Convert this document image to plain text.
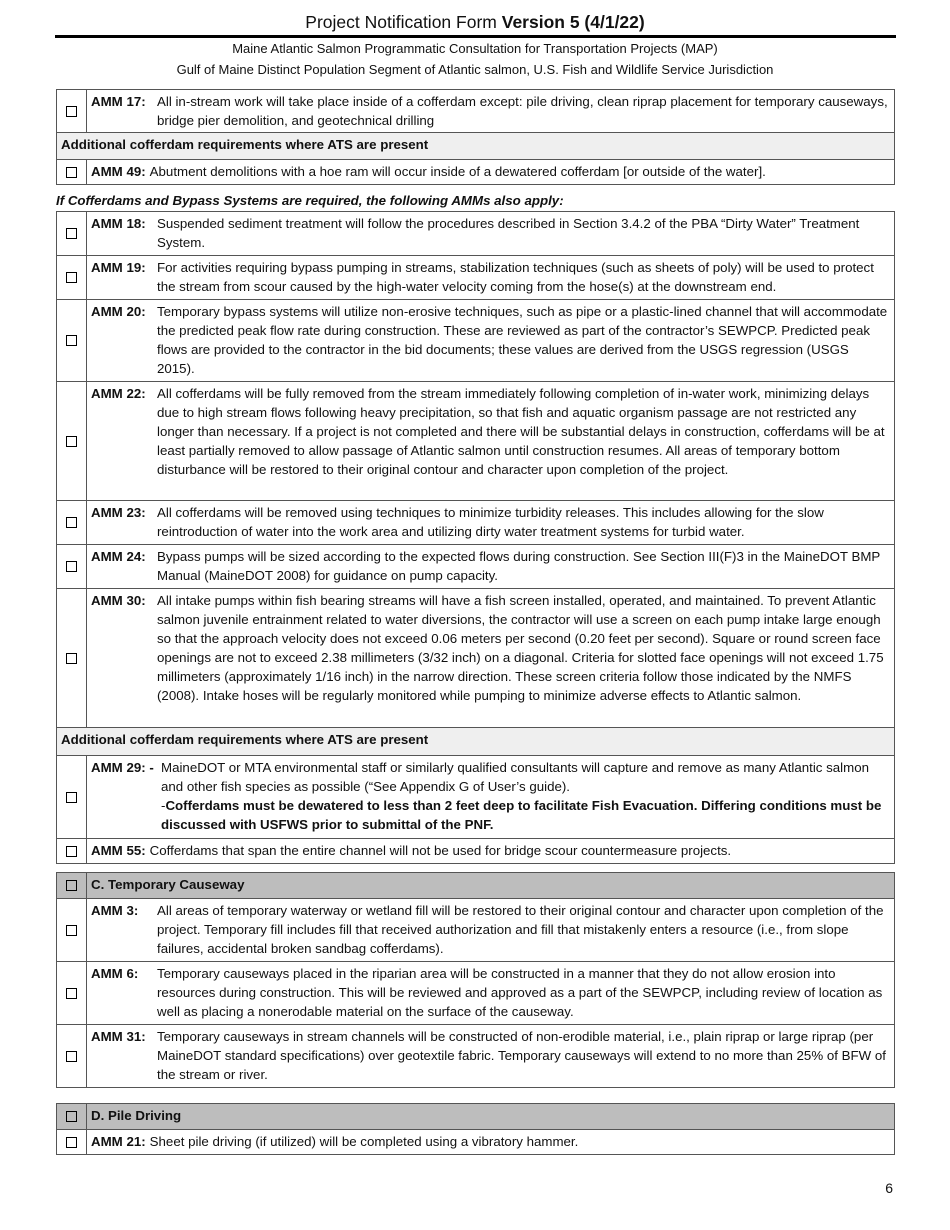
Project Notification Form Version 5 (4/1/22)
Maine Atlantic Salmon Programmatic Consultation for Transportation Projects (MAP)
Gulf of Maine Distinct Population Segment of Atlantic salmon, U.S. Fish and Wildlife Service Jurisdiction
AMM 17: All in-stream work will take place inside of a cofferdam except: pile driving, clean riprap placement for temporary causeways, bridge pier demolition, and geotechnical drilling
Additional cofferdam requirements where ATS are present
AMM 49: Abutment demolitions with a hoe ram will occur inside of a dewatered cofferdam [or outside of the water].
If Cofferdams and Bypass Systems are required, the following AMMs also apply:
AMM 18: Suspended sediment treatment will follow the procedures described in Section 3.4.2 of the PBA “Dirty Water” Treatment System.
AMM 19: For activities requiring bypass pumping in streams, stabilization techniques (such as sheets of poly) will be used to protect the stream from scour caused by the high-water velocity coming from the hose(s) at the downstream end.
AMM 20: Temporary bypass systems will utilize non-erosive techniques, such as pipe or a plastic-lined channel that will accommodate the predicted peak flow rate during construction. These are reviewed as part of the contractor’s SEWPCP. Predicted peak flows are provided to the contractor in the bid documents; these values are derived from the USGS regression (USGS 2015).
AMM 22: All cofferdams will be fully removed from the stream immediately following completion of in-water work, minimizing delays due to high stream flows following heavy precipitation, so that fish and aquatic organism passage are not restricted any longer than necessary. If a project is not completed and there will be substantial delays in construction, cofferdams will be at least partially removed to allow passage of Atlantic salmon until construction resumes. All areas of temporary bottom disturbance will be restored to their original contour and character upon completion of the project.
AMM 23: All cofferdams will be removed using techniques to minimize turbidity releases. This includes allowing for the slow reintroduction of water into the work area and utilizing dirty water treatment systems for turbid water.
AMM 24: Bypass pumps will be sized according to the expected flows during construction. See Section III(F)3 in the MaineDOT BMP Manual (MaineDOT 2008) for guidance on pump capacity.
AMM 30: All intake pumps within fish bearing streams will have a fish screen installed, operated, and maintained. To prevent Atlantic salmon juvenile entrainment related to water diversions, the contractor will use a screen on each pump intake large enough so that the approach velocity does not exceed 0.06 meters per second (0.20 feet per second). Square or round screen face openings are not to exceed 2.38 millimeters (3/32 inch) on a diagonal. Criteria for slotted face openings will not exceed 1.75 millimeters (approximately 1/16 inch) in the narrow direction. These screen criteria follow those indicated by the NMFS (2008). Intake hoses will be regularly monitored while pumping to minimize adverse effects to Atlantic salmon.
Additional cofferdam requirements where ATS are present
AMM 29: - MaineDOT or MTA environmental staff or similarly qualified consultants will capture and remove as many Atlantic salmon and other fish species as possible (“See Appendix G of User’s guide).
-Cofferdams must be dewatered to less than 2 feet deep to facilitate Fish Evacuation. Differing conditions must be discussed with USFWS prior to submittal of the PNF.
AMM 55: Cofferdams that span the entire channel will not be used for bridge scour countermeasure projects.
C. Temporary Causeway
AMM 3:	All areas of temporary waterway or wetland fill will be restored to their original contour and character upon completion of the project. Temporary fill includes fill that received authorization and fill that mistakenly enters a resource (i.e., from slope failures, accidental broken sandbag cofferdams).
AMM 6:	Temporary causeways placed in the riparian area will be constructed in a manner that they do not allow erosion into resources during construction. This will be reviewed and approved as a part of the SEWPCP, including review of location as well as placing a nonerodable material on the surface of the causeway.
AMM 31: Temporary causeways in stream channels will be constructed of non-erodible material, i.e., plain riprap or large riprap (per MaineDOT standard specifications) over geotextile fabric. Temporary causeways will extend to no more than 25% of BFW of the stream or river.
D. Pile Driving
AMM 21: Sheet pile driving (if utilized) will be completed using a vibratory hammer.
6
